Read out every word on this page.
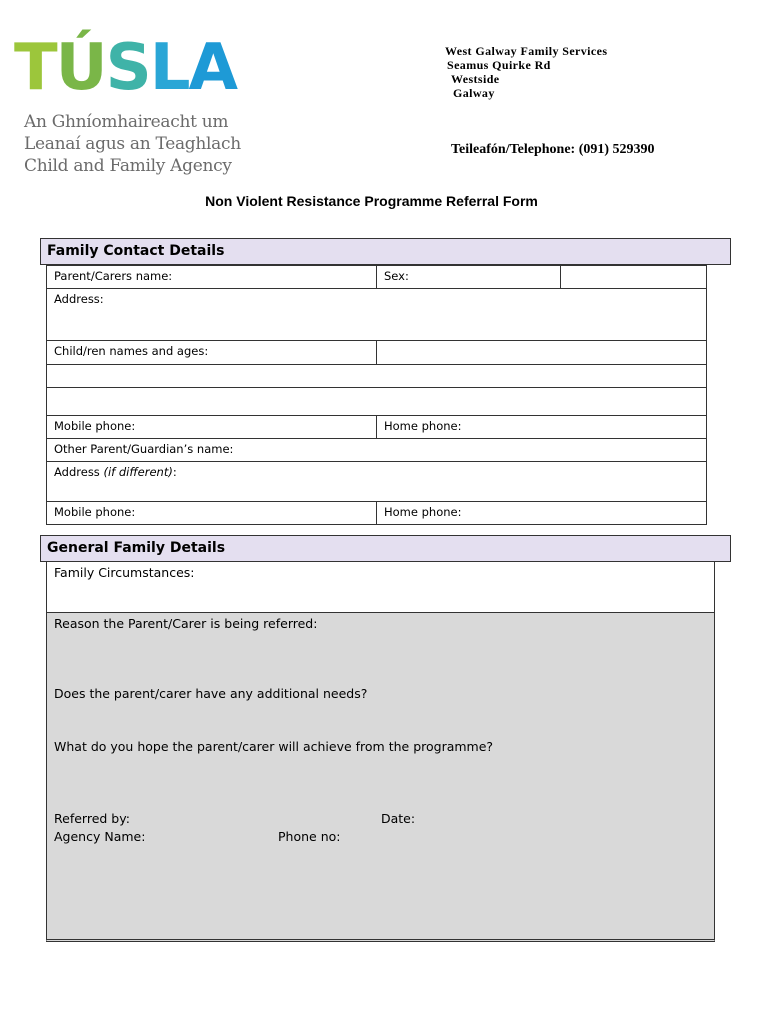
TÚSLA
An Ghníomhaireacht um
Leanaí agus an Teaghlach
Child and Family Agency
West Galway Family Services
Seamus Quirke Rd
Westside
Galway
Teileafón/Telephone: (091) 529390
Non Violent Resistance Programme Referral Form
Family Contact Details
Parent/Carers name:	Sex:
Address:
Child/ren names and ages:
Mobile phone:	Home phone:
Other Parent/Guardian’s name:
Address (if different):
Mobile phone:	Home phone:
General Family Details
Family Circumstances:
Reason the Parent/Carer is being referred:
Does the parent/carer have any additional needs?
What do you hope the parent/carer will achieve from the programme?
Referred by:	Date:
Agency Name:	Phone no:
